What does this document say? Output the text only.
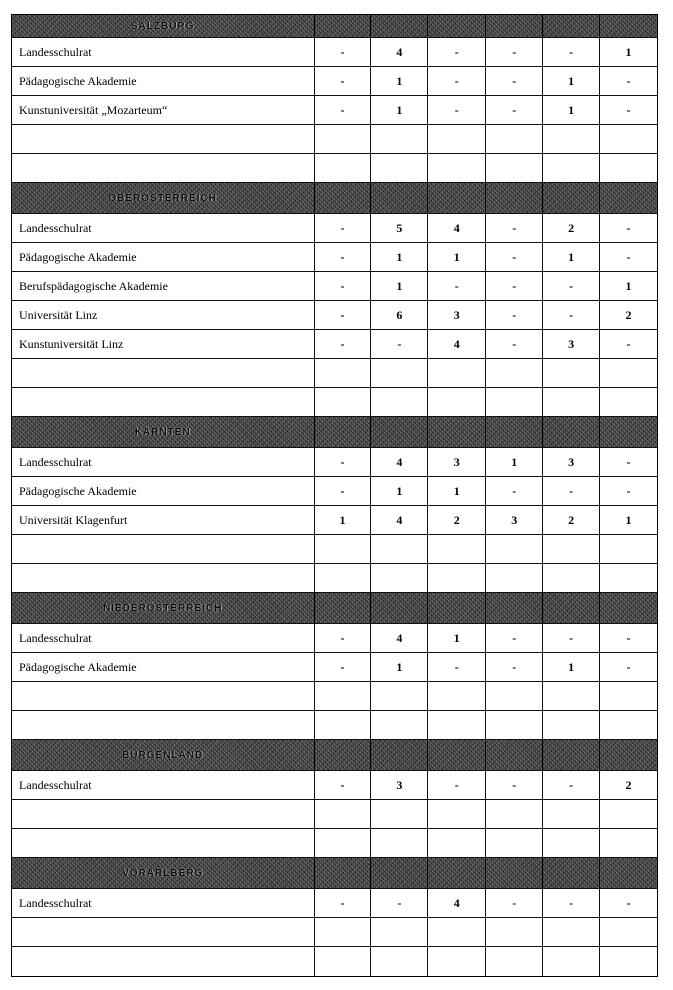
SALZBURG
Landesschulrat	-	4	-	-	-	1
Pädagogische Akademie	-	1	-	-	1	-
Kunstuniversität „Mozarteum“	-	1	-	-	1	-
OBERÖSTERREICH
Landesschulrat	-	5	4	-	2	-
Pädagogische Akademie	-	1	1	-	1	-
Berufspädagogische Akademie	-	1	-	-	-	1
Universität Linz	-	6	3	-	-	2
Kunstuniversität Linz	-	-	4	-	3	-
KÄRNTEN
Landesschulrat	-	4	3	1	3	-
Pädagogische Akademie	-	1	1	-	-	-
Universität Klagenfurt	1	4	2	3	2	1
NIEDERÖSTERREICH
Landesschulrat	-	4	1	-	-	-
Pädagogische Akademie	-	1	-	-	1	-
BURGENLAND
Landesschulrat	-	3	-	-	-	2
VORARLBERG
Landesschulrat	-	-	4	-	-	-
